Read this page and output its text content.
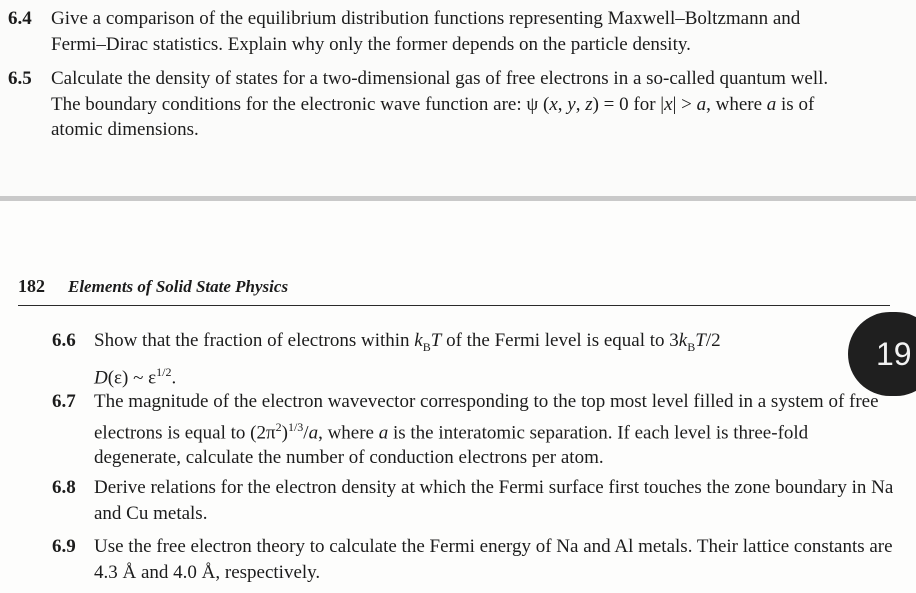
6.4 Give a comparison of the equilibrium distribution functions representing Maxwell–Boltzmann and Fermi–Dirac statistics. Explain why only the former depends on the particle density.
6.5 Calculate the density of states for a two-dimensional gas of free electrons in a so-called quantum well. The boundary conditions for the electronic wave function are: ψ (x, y, z) = 0 for |x| > a, where a is of atomic dimensions.
182 Elements of Solid State Physics
6.6 Show that the fraction of electrons within $k_BT$ of the Fermi level is equal to $3k_BT/2$
D(ε) ~ $\varepsilon^{1/2}$.
19
6.7 The magnitude of the electron wavevector corresponding to the top most level filled in a system of free electrons is equal to $(2\pi^2)^{1/3}/a$, where a is the interatomic separation. If each level is three-fold degenerate, calculate the number of conduction electrons per atom.
6.8 Derive relations for the electron density at which the Fermi surface first touches the zone boundary in Na and Cu metals.
6.9 Use the free electron theory to calculate the Fermi energy of Na and Al metals. Their lattice constants are 4.3 Å and 4.0 Å, respectively.
